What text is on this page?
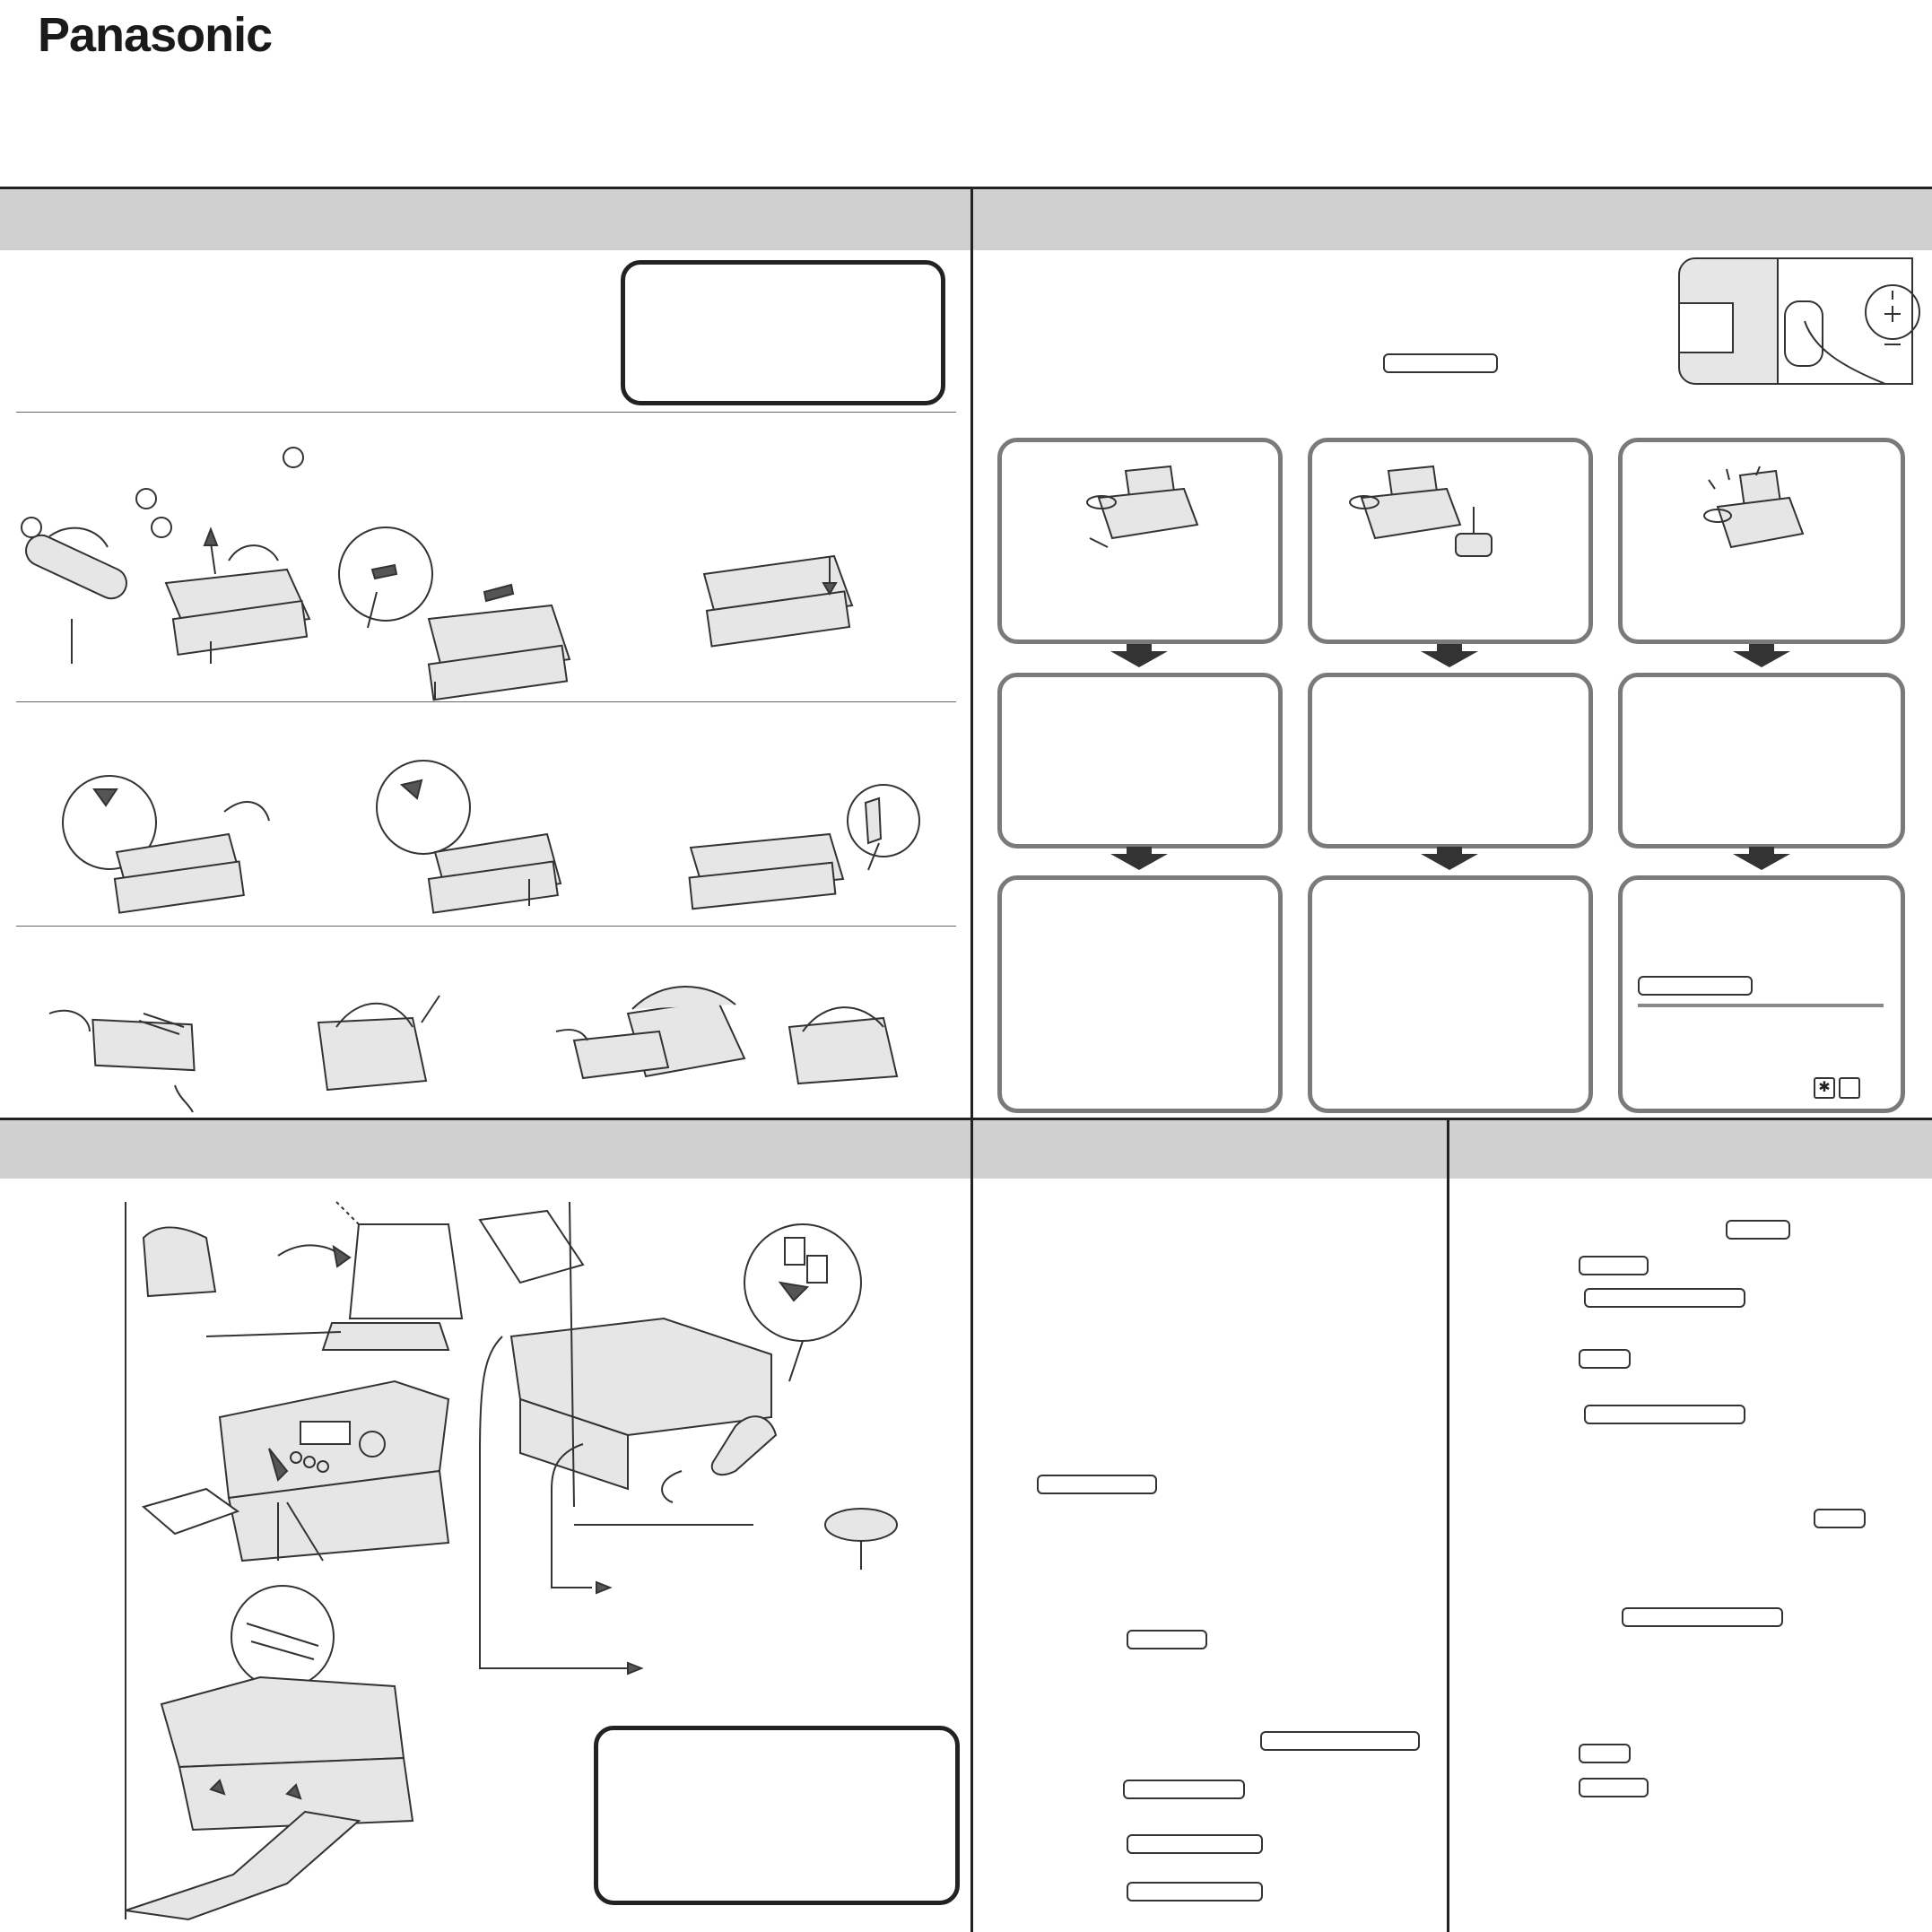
Panasonic
✱
